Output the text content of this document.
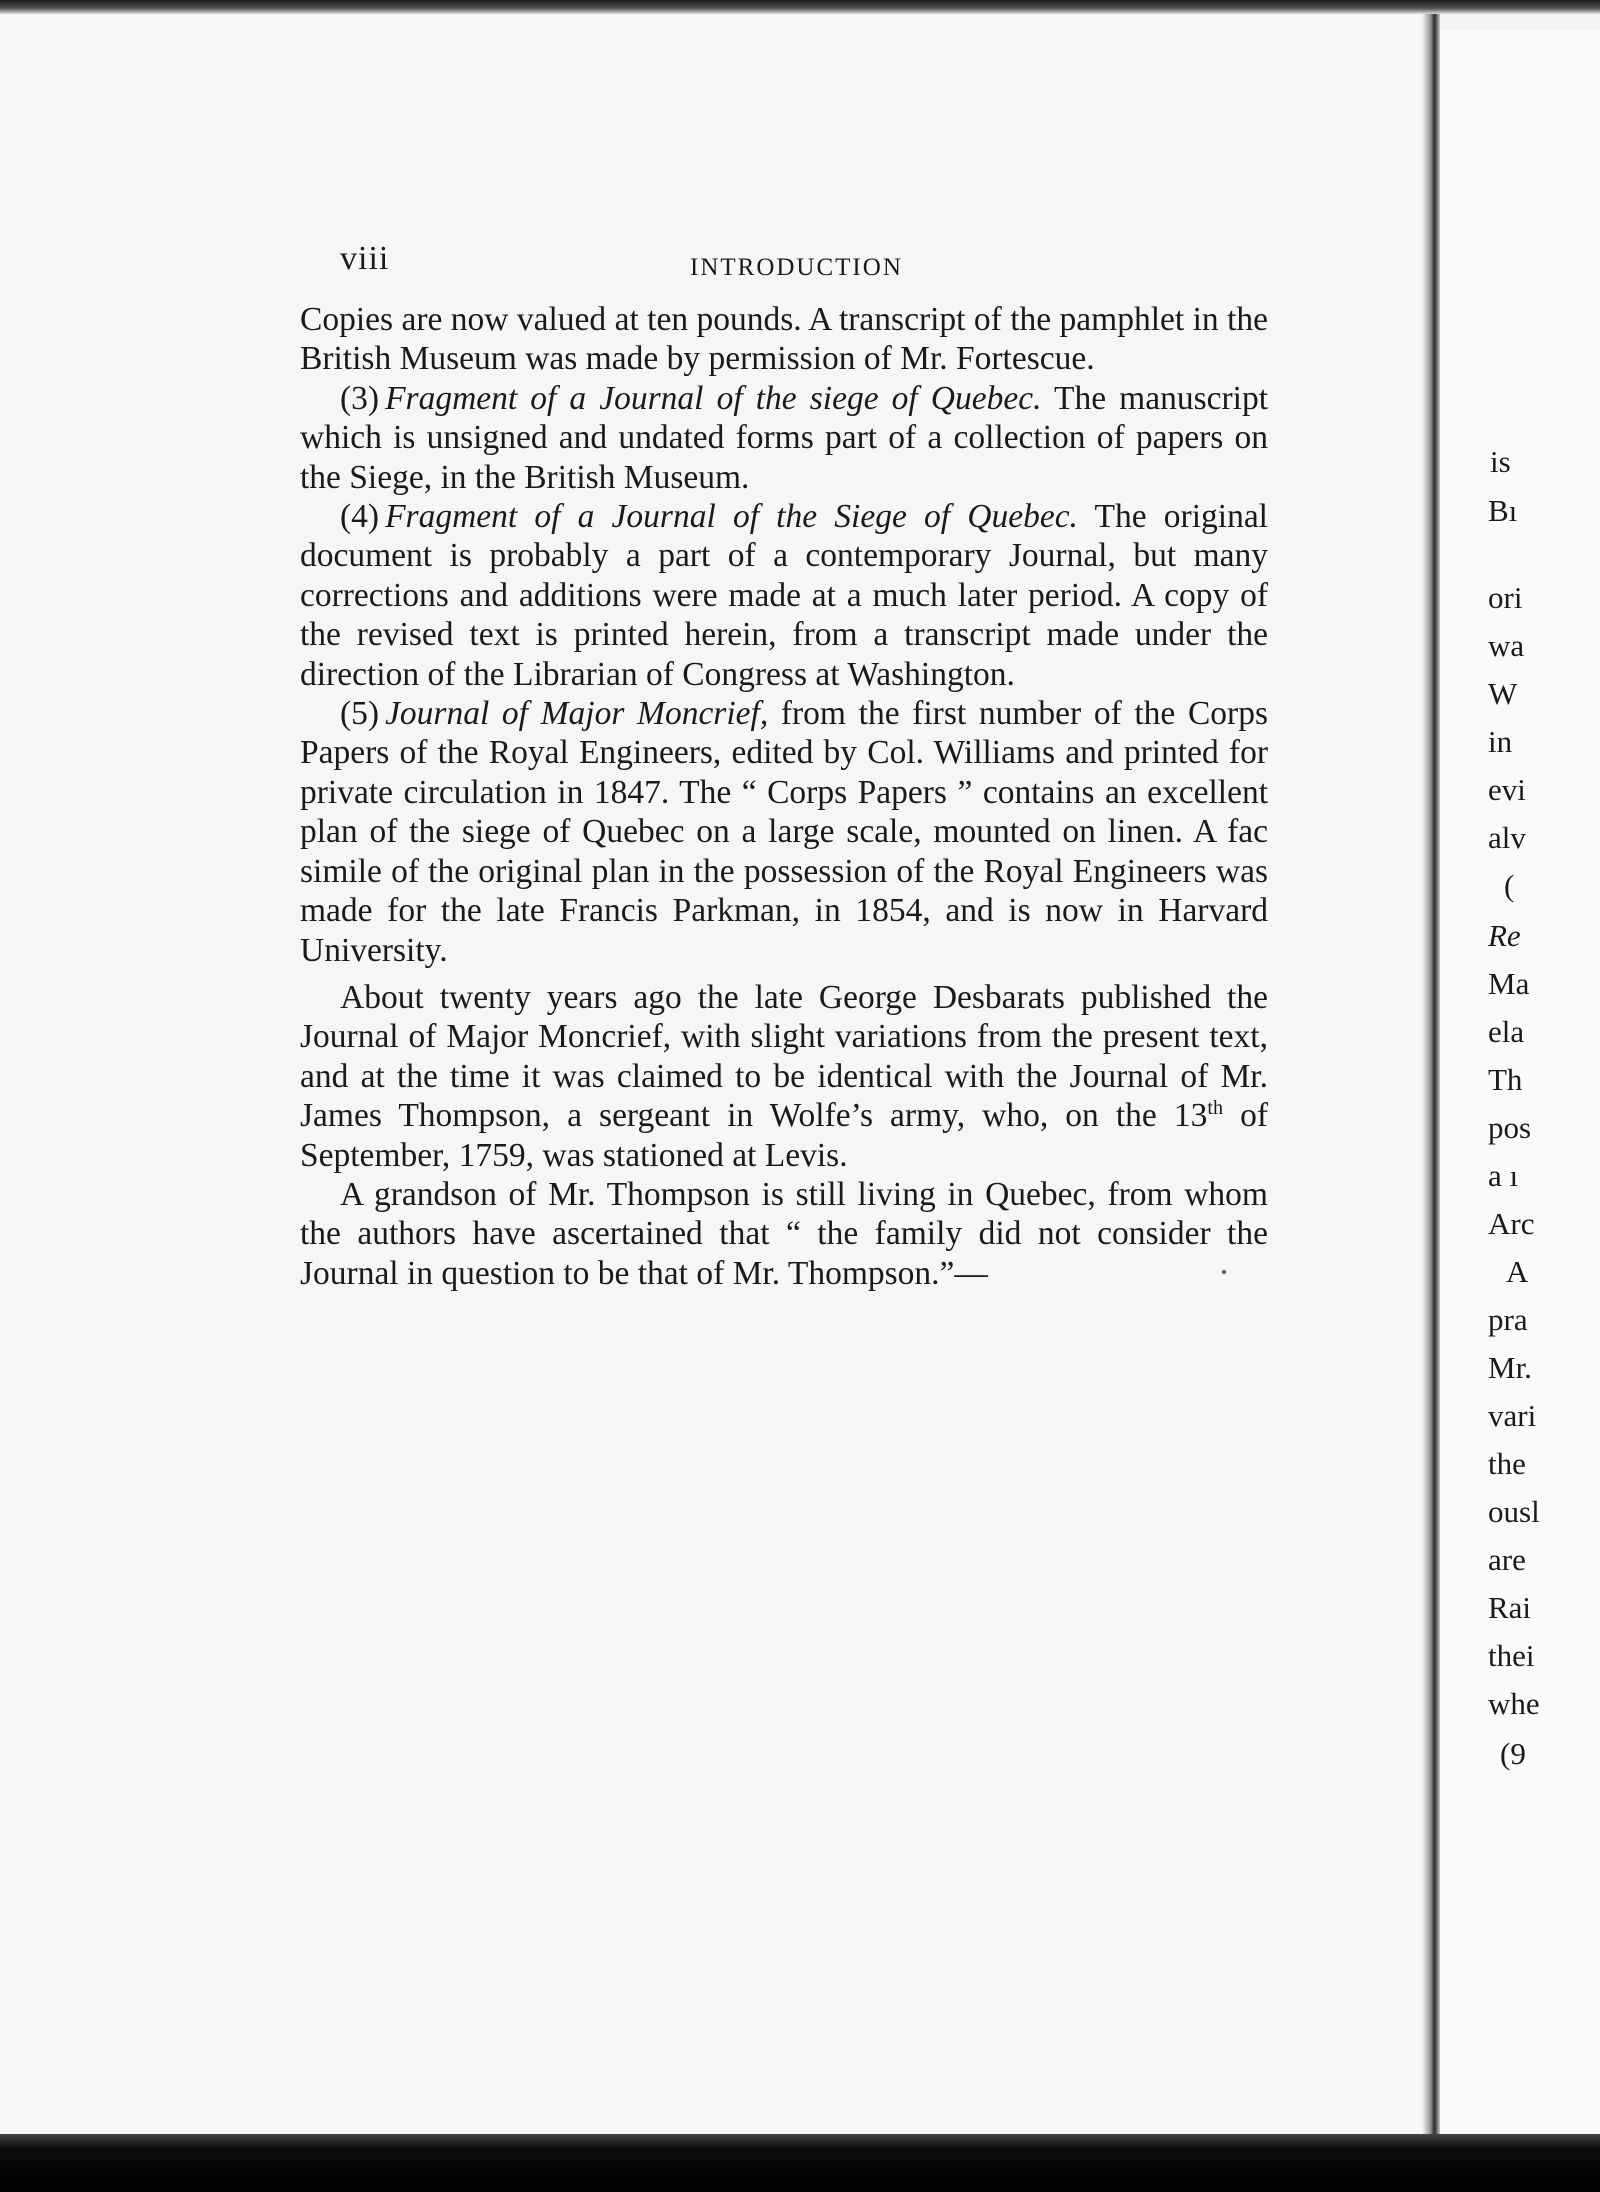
viii	INTRODUCTION

Copies are now valued at ten pounds. A transcript of the pamphlet in the British Museum was made by permission of Mr. Fortescue.

(3) Fragment of a Journal of the siege of Quebec. The manuscript which is unsigned and undated forms part of a collection of papers on the Siege, in the British Museum.

(4) Fragment of a Journal of the Siege of Quebec. The original document is probably a part of a contemporary Journal, but many corrections and additions were made at a much later period. A copy of the revised text is printed herein, from a transcript made under the direction of the Librarian of Congress at Washington.

(5) Journal of Major Moncrief, from the first number of the Corps Papers of the Royal Engineers, edited by Col. Williams and printed for private circulation in 1847. The “ Corps Papers ” contains an excellent plan of the siege of Quebec on a large scale, mounted on linen. A fac simile of the original plan in the possession of the Royal Engineers was made for the late Francis Parkman, in 1854, and is now in Harvard University.

About twenty years ago the late George Desbarats published the Journal of Major Moncrief, with slight variations from the present text, and at the time it was claimed to be identical with the Journal of Mr. James Thompson, a sergeant in Wolfe’s army, who, on the 13th of September, 1759, was stationed at Levis.

A grandson of Mr. Thompson is still living in Quebec, from whom the authors have ascertained that “ the family did not consider the Journal in question to be that of Mr. Thompson.”—

is

Bı

ori

wa

W

in

evi

alv

(

Re

Ma

ela

Th

pos

a ı

Arc

A

pra

Mr.

vari

the

ousl

are

Rai

thei

whe

(9
